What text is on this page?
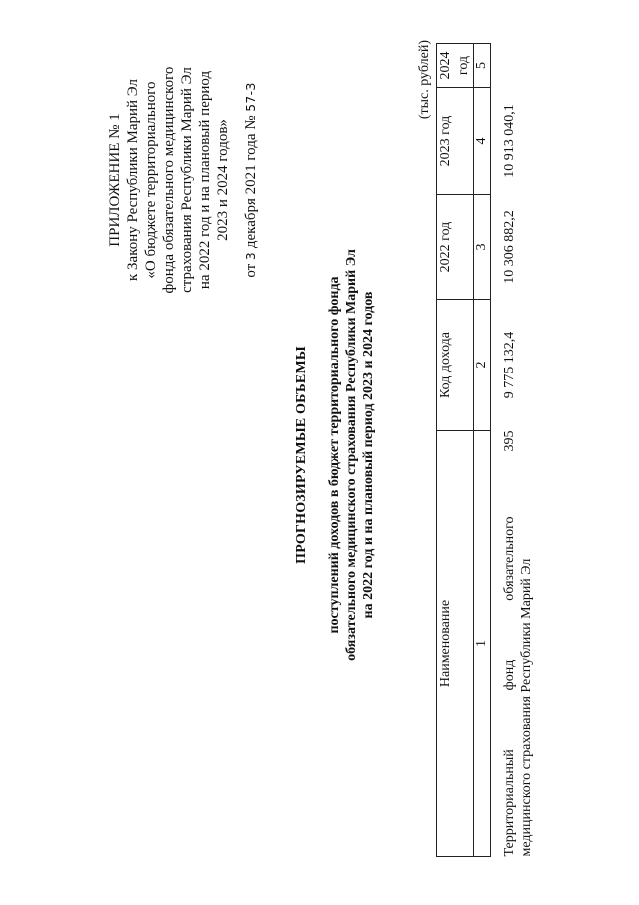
ПРИЛОЖЕНИЕ № 1 к Закону Республики Марий Эл «О бюджете территориального фонда обязательного медицинского страхования Республики Марий Эл на 2022 год и на плановый период 2023 и 2024 годов»
от 3 декабря 2021 года № 57-З
ПРОГНОЗИРУЕМЫЕ ОБЪЕМЫ поступлений доходов в бюджет территориального фонда обязательного медицинского страхования Республики Марий Эл на 2022 год и на плановый период 2023 и 2024 годов
(тыс. рублей)
Наименование		Код дохода	2022 год	2023 год	2024 год
1		2	3	4	5

Территориальный
фонд
обязательного
медицинского страхования Республики Марий Эл	395	9 775 132,4	10 306 882,2	10 913 040,1	
